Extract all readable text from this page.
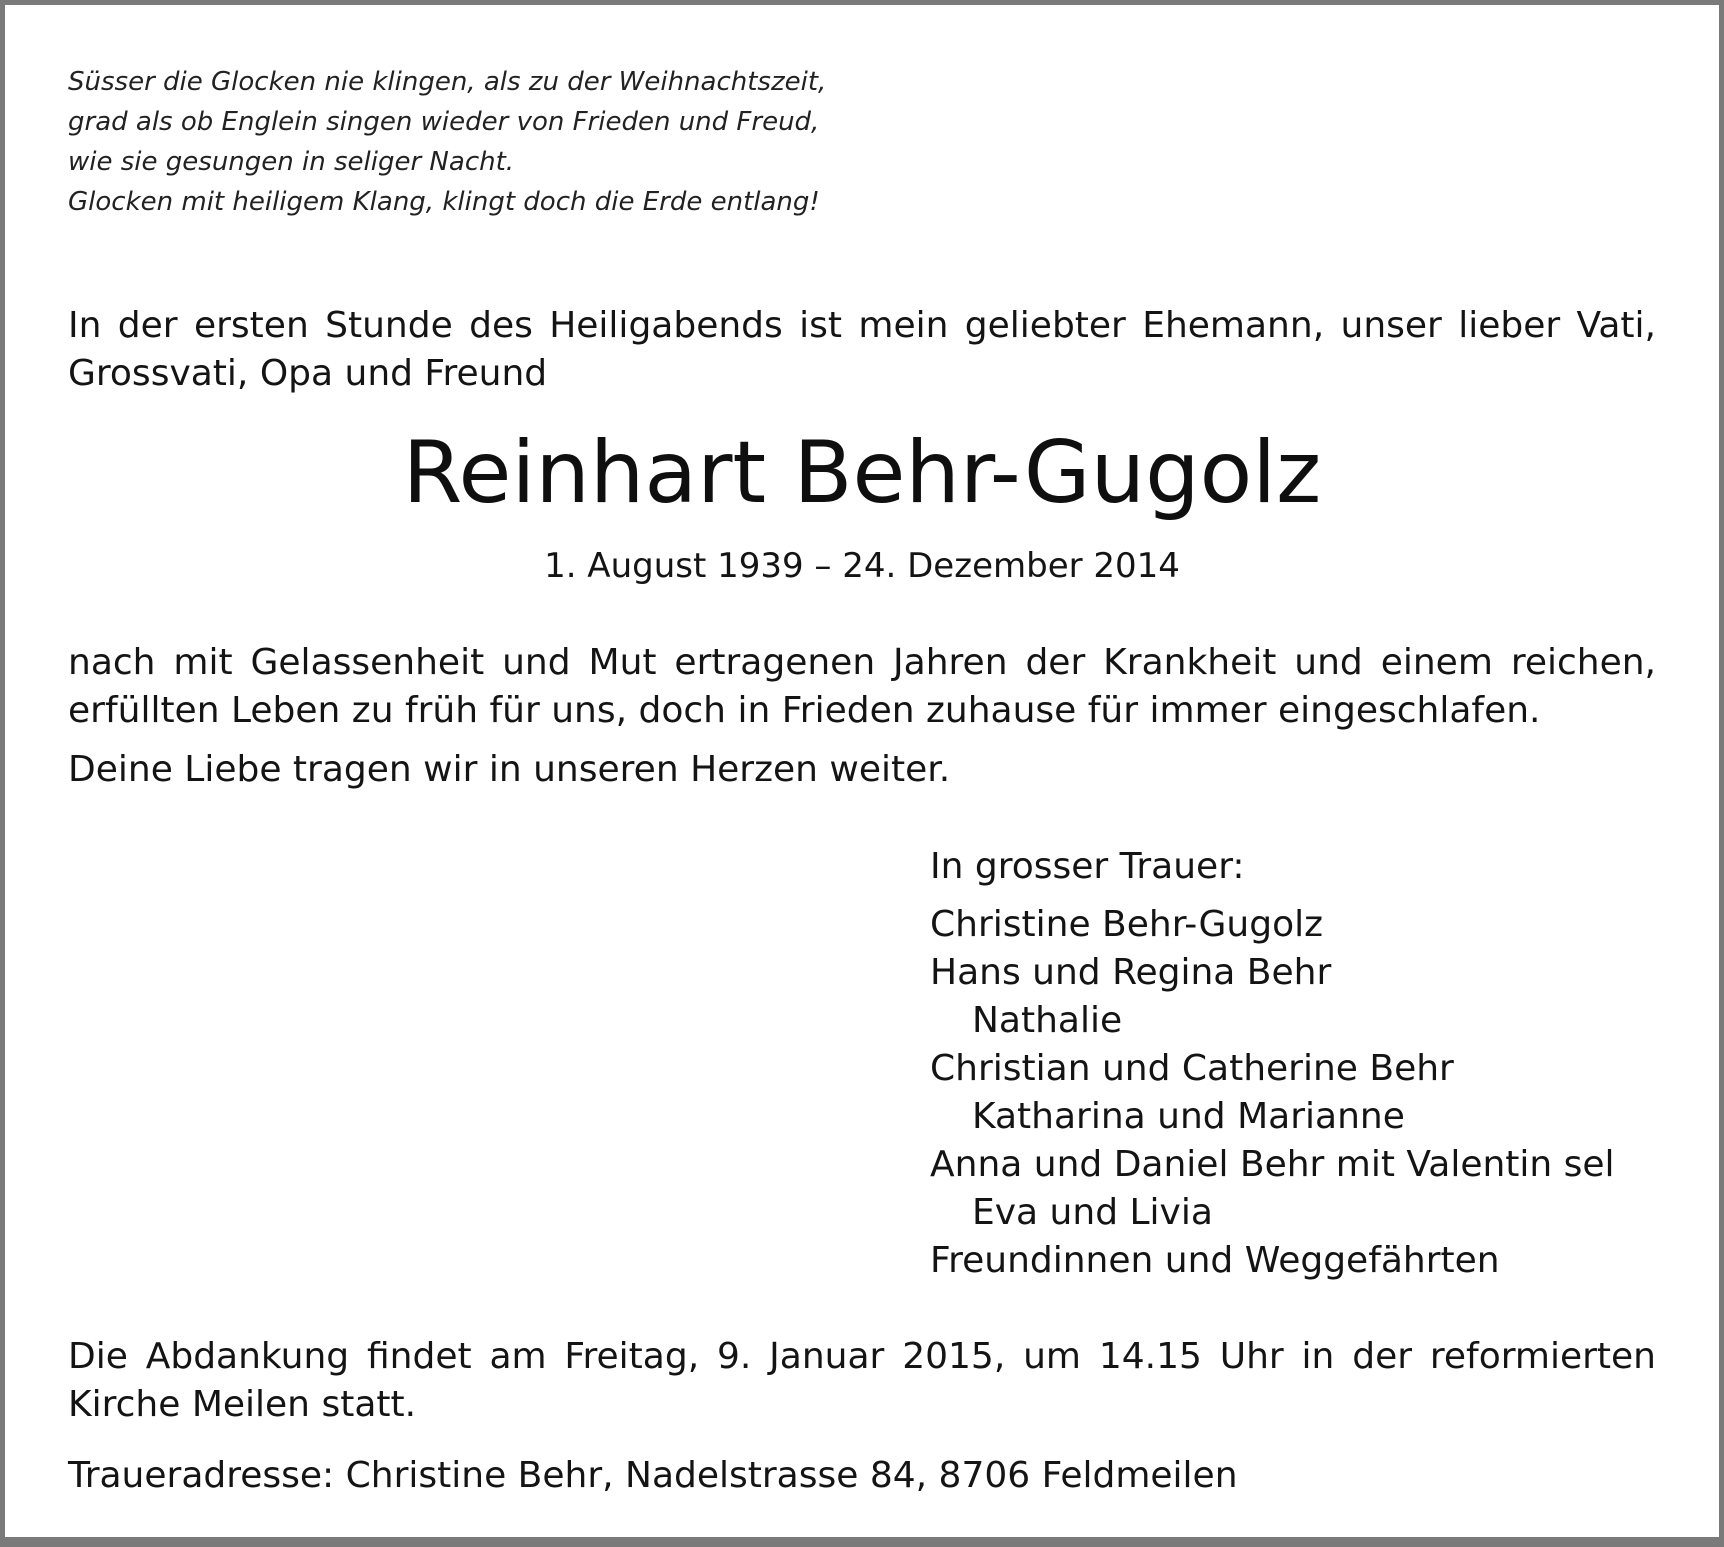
Süsser die Glocken nie klingen, als zu der Weihnachtszeit,
grad als ob Englein singen wieder von Frieden und Freud,
wie sie gesungen in seliger Nacht.
Glocken mit heiligem Klang, klingt doch die Erde entlang!
In der ersten Stunde des Heiligabends ist mein geliebter Ehemann, unser lieber Vati,
Grossvati, Opa und Freund
Reinhart Behr-Gugolz
1. August 1939 – 24. Dezember 2014
nach mit Gelassenheit und Mut ertragenen Jahren der Krankheit und einem reichen,
erfüllten Leben zu früh für uns, doch in Frieden zuhause für immer eingeschlafen.
Deine Liebe tragen wir in unseren Herzen weiter.
In grosser Trauer:
Christine Behr-Gugolz
Hans und Regina Behr
Nathalie
Christian und Catherine Behr
Katharina und Marianne
Anna und Daniel Behr mit Valentin sel
Eva und Livia
Freundinnen und Weggefährten
Die Abdankung findet am Freitag, 9. Januar 2015, um 14.15 Uhr in der reformierten
Kirche Meilen statt.
Traueradresse: Christine Behr, Nadelstrasse 84, 8706 Feldmeilen
